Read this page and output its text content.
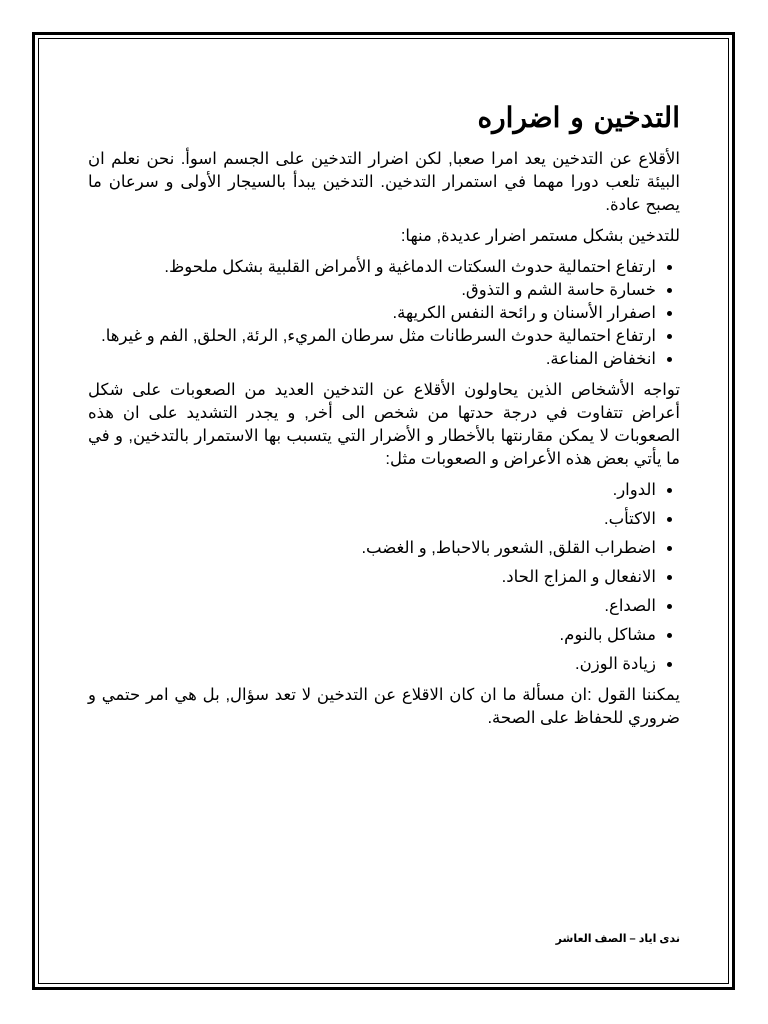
التدخين و اضراره

الأقلاع عن التدخين يعد امرا صعبا, لكن اضرار التدخين على الجسم اسوأ. نحن نعلم ان البيئة تلعب دورا مهما في استمرار التدخين. التدخين يبدأ بالسيجار الأولى و سرعان ما يصبح عادة.

للتدخين بشكل مستمر اضرار عديدة, منها:

• ارتفاع احتمالية حدوث السكتات الدماغية و الأمراض القلبية بشكل ملحوظ.
• خسارة حاسة الشم و التذوق.
• اصفرار الأسنان و رائحة النفس الكريهة.
• ارتفاع احتمالية حدوث السرطانات مثل سرطان المريء, الرئة, الحلق, الفم و غيرها.
• انخفاض المناعة.

تواجه الأشخاص الذين يحاولون الأقلاع عن التدخين العديد من الصعوبات على شكل أعراض تتفاوت في درجة حدتها من شخص الى أخر, و يجدر التشديد على ان هذه الصعوبات لا يمكن مقارنتها بالأخطار و الأضرار التي يتسبب بها الاستمرار بالتدخين, و في ما يأتي بعض هذه الأعراض و الصعوبات مثل:

• الدوار.
• الاكتأب.
• اضطراب القلق, الشعور بالاحباط, و الغضب.
• الانفعال و المزاج الحاد.
• الصداع.
• مشاكل بالنوم.
• زيادة الوزن.

يمكننا القول :ان مسألة ما ان كان الاقلاع عن التدخين لا تعد سؤال, بل هي امر حتمي و ضروري للحفاظ على الصحة.

ندى اياد – الصف العاشر
